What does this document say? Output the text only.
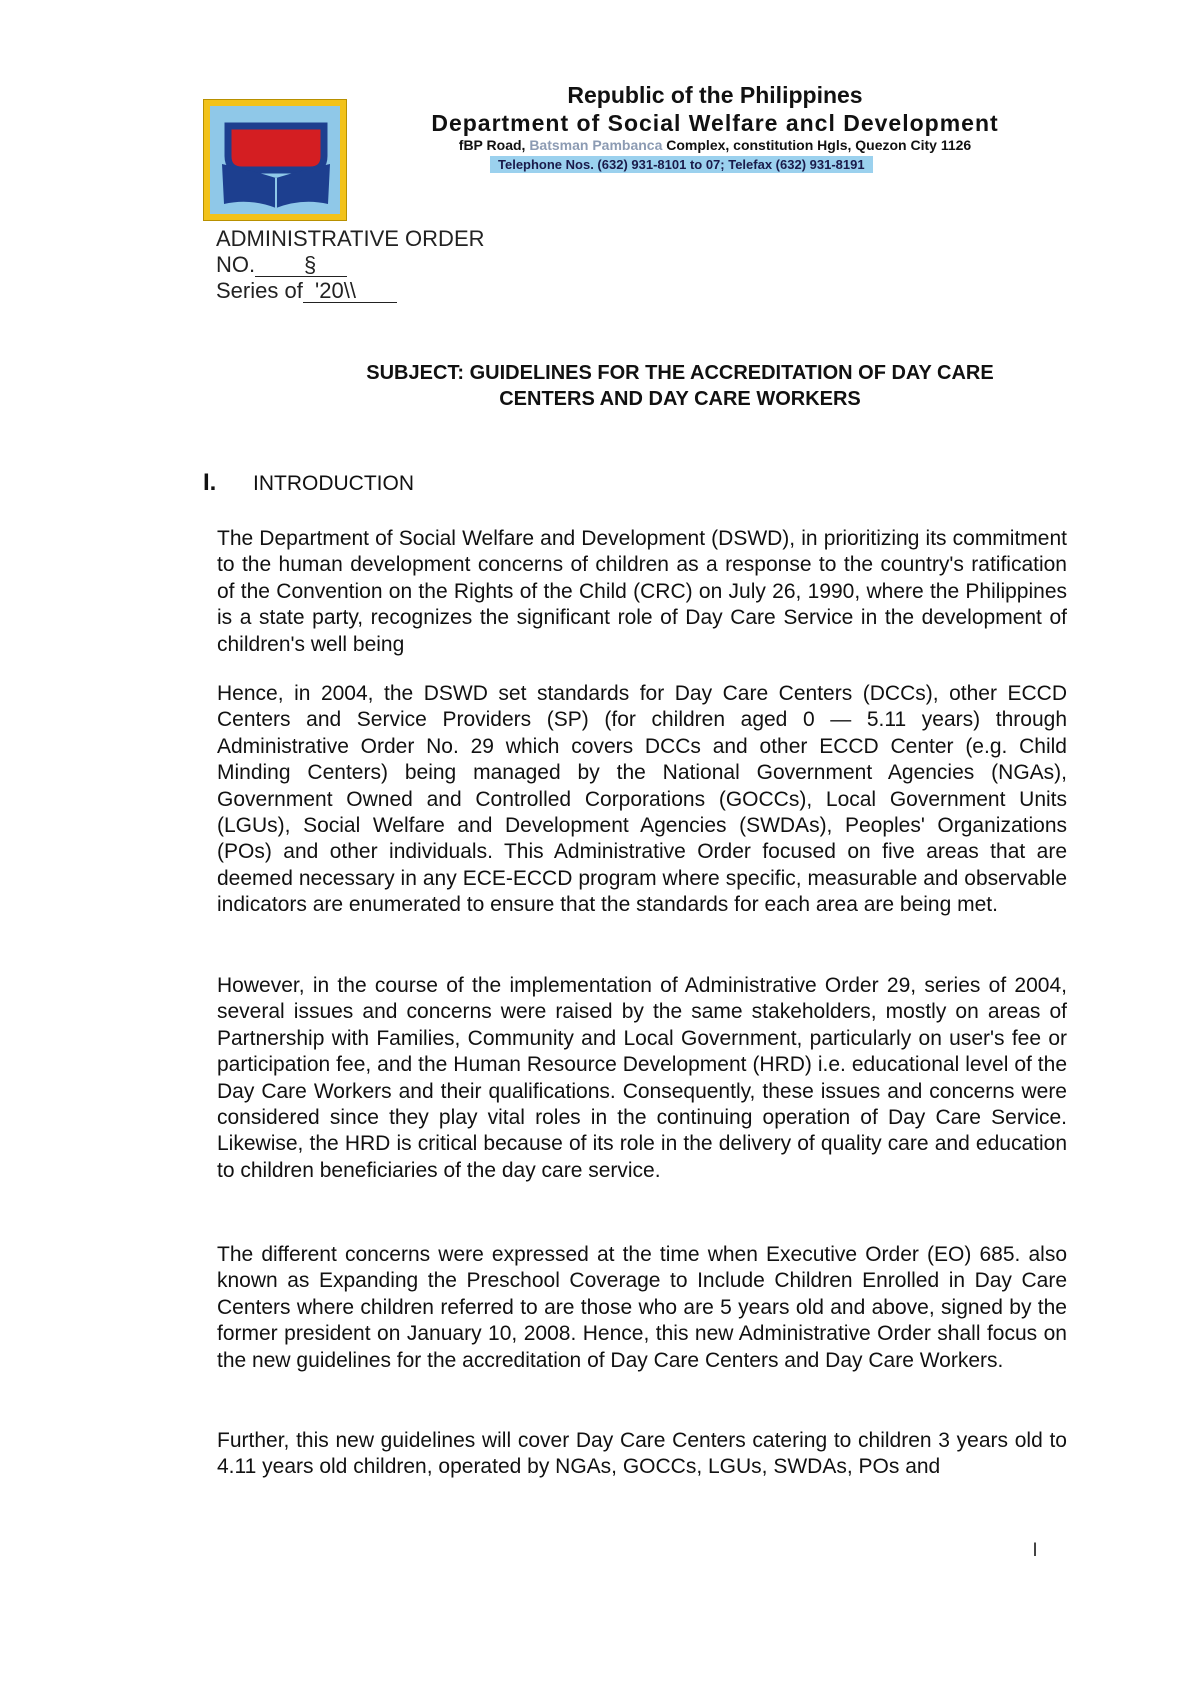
Republic of the Philippines
Department of Social Welfare ancl Development
fBP Road, Batsman Pambanca Complex, constitution Hgls, Quezon City 1126
Telephone Nos. (632) 931-8101 to 07; Telefax (632) 931-8191
ADMINISTRATIVE ORDER
NO.        §
Series of  '20\\
SUBJECT: GUIDELINES FOR THE ACCREDITATION OF DAY CARE
CENTERS AND DAY CARE WORKERS
I. INTRODUCTION

The Department of Social Welfare and Development (DSWD), in prioritizing its commitment to the human development concerns of children as a response to the country's ratification of the Convention on the Rights of the Child (CRC) on July 26, 1990, where the Philippines is a state party, recognizes the significant role of Day Care Service in the development of children's well being

Hence, in 2004, the DSWD set standards for Day Care Centers (DCCs), other ECCD Centers and Service Providers (SP) (for children aged 0 — 5.11 years) through Administrative Order No. 29 which covers DCCs and other ECCD Center (e.g. Child Minding Centers) being managed by the National Government Agencies (NGAs), Government Owned and Controlled Corporations (GOCCs), Local Government Units (LGUs), Social Welfare and Development Agencies (SWDAs), Peoples' Organizations (POs) and other individuals. This Administrative Order focused on five areas that are deemed necessary in any ECE-ECCD program where specific, measurable and observable indicators are enumerated to ensure that the standards for each area are being met.

However, in the course of the implementation of Administrative Order 29, series of 2004, several issues and concerns were raised by the same stakeholders, mostly on areas of Partnership with Families, Community and Local Government, particularly on user's fee or participation fee, and the Human Resource Development (HRD) i.e. educational level of the Day Care Workers and their qualifications. Consequently, these issues and concerns were considered since they play vital roles in the continuing operation of Day Care Service. Likewise, the HRD is critical because of its role in the delivery of quality care and education to children beneficiaries of the day care service.

The different concerns were expressed at the time when Executive Order (EO) 685. also known as Expanding the Preschool Coverage to Include Children Enrolled in Day Care Centers where children referred to are those who are 5 years old and above, signed by the former president on January 10, 2008. Hence, this new Administrative Order shall focus on the new guidelines for the accreditation of Day Care Centers and Day Care Workers.

Further, this new guidelines will cover Day Care Centers catering to children 3 years old to 4.11 years old children, operated by NGAs, GOCCs, LGUs, SWDAs, POs and

l
